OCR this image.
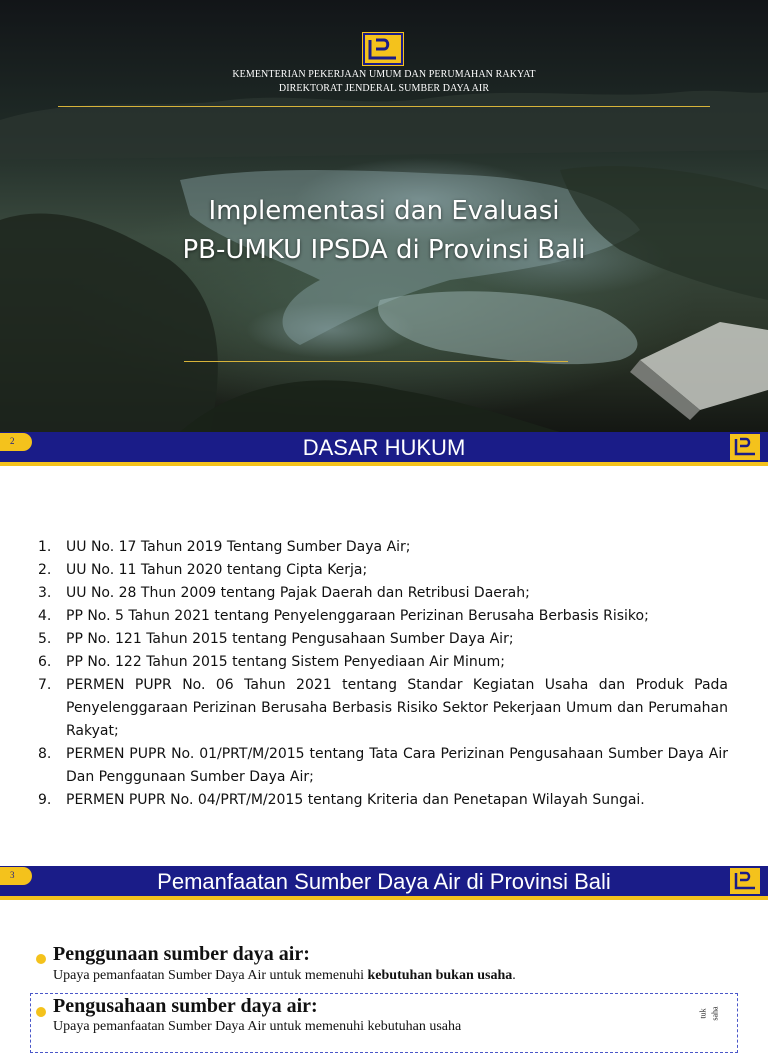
KEMENTERIAN PEKERJAAN UMUM DAN PERUMAHAN RAKYAT
DIREKTORAT JENDERAL SUMBER DAYA AIR
Implementasi dan Evaluasi
PB-UMKU IPSDA di Provinsi Bali
2	DASAR HUKUM
1. UU No. 17 Tahun 2019 Tentang Sumber Daya Air;
2. UU No. 11 Tahun 2020 tentang Cipta Kerja;
3. UU No. 28 Thun 2009 tentang Pajak Daerah dan Retribusi Daerah;
4. PP No. 5 Tahun 2021 tentang Penyelenggaraan Perizinan Berusaha Berbasis Risiko;
5. PP No. 121 Tahun 2015 tentang Pengusahaan Sumber Daya Air;
6. PP No. 122 Tahun 2015 tentang Sistem Penyediaan Air Minum;
7. PERMEN PUPR No. 06 Tahun 2021 tentang Standar Kegiatan Usaha dan Produk Pada Penyelenggaraan Perizinan Berusaha Berbasis Risiko Sektor Pekerjaan Umum dan Perumahan Rakyat;
8. PERMEN PUPR No. 01/PRT/M/2015 tentang Tata Cara Perizinan Pengusahaan Sumber Daya Air Dan Penggunaan Sumber Daya Air;
9. PERMEN PUPR No. 04/PRT/M/2015 tentang Kriteria dan Penetapan Wilayah Sungai.
3	Pemanfaatan Sumber Daya Air di Provinsi Bali
Penggunaan sumber daya air:
Upaya pemanfaatan Sumber Daya Air untuk memenuhi kebutuhan bukan usaha.
Pengusahaan sumber daya air:
Upaya pemanfaatan Sumber Daya Air untuk memenuhi kebutuhan usaha
tuk saha
